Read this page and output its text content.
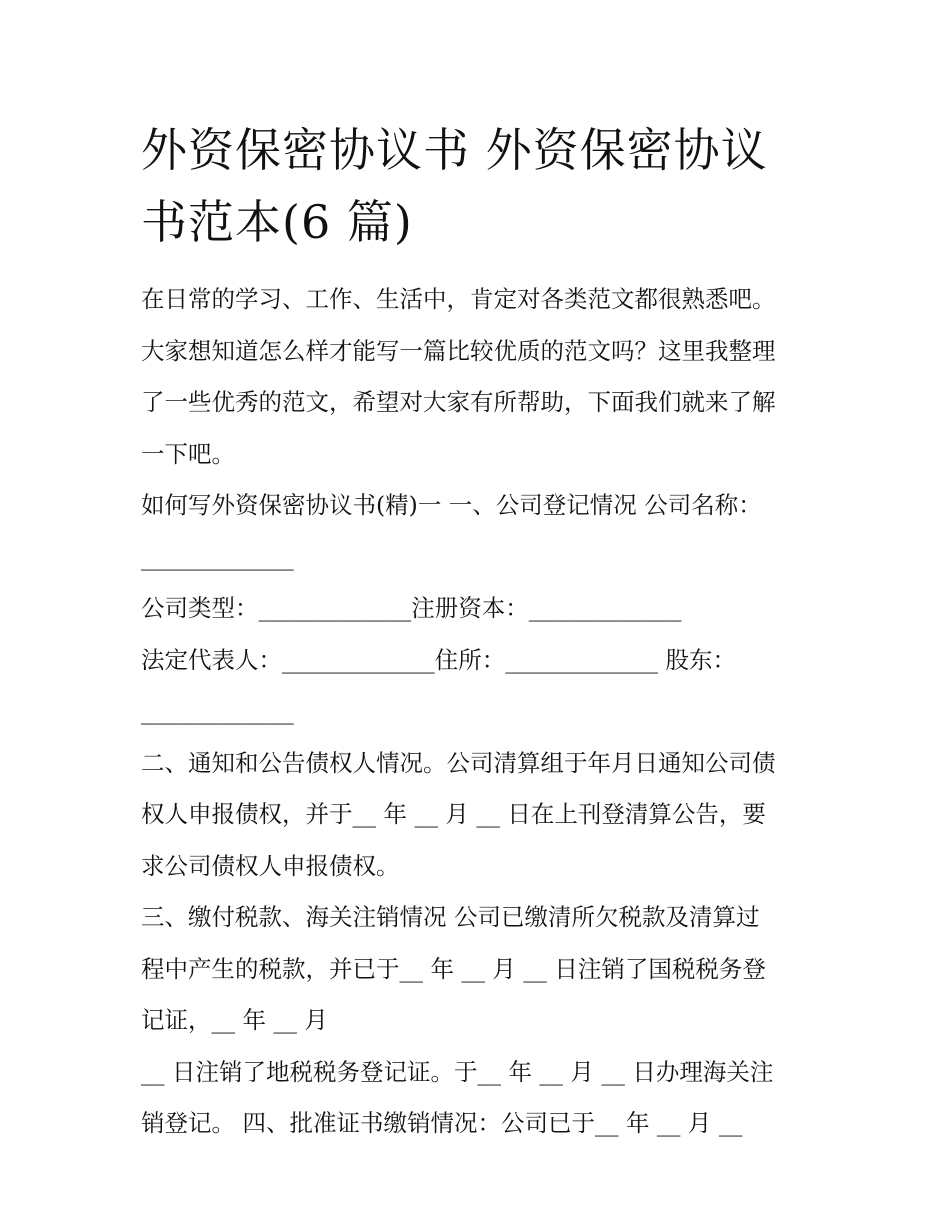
外资保密协议书 外资保密协议
书范本(6 篇)

在日常的学习、工作、生活中，肯定对各类范文都很熟悉吧。

大家想知道怎么样才能写一篇比较优质的范文吗？这里我整理

了一些优秀的范文，希望对大家有所帮助，下面我们就来了解

一下吧。

如何写外资保密协议书(精)一 一、公司登记情况 公司名称：

_____________

公司类型：_____________注册资本：_____________

法定代表人：_____________住所：_____________ 股东：

_____________

二、通知和公告债权人情况。公司清算组于年月日通知公司债

权人申报债权，并于__ 年 __ 月 __ 日在上刊登清算公告，要

求公司债权人申报债权。

三、缴付税款、海关注销情况 公司已缴清所欠税款及清算过

程中产生的税款，并已于__ 年 __ 月 __ 日注销了国税税务登

记证，__ 年 __ 月

__ 日注销了地税税务登记证。于__ 年 __ 月 __ 日办理海关注

销登记。 四、批准证书缴销情况：公司已于__ 年 __ 月 __
